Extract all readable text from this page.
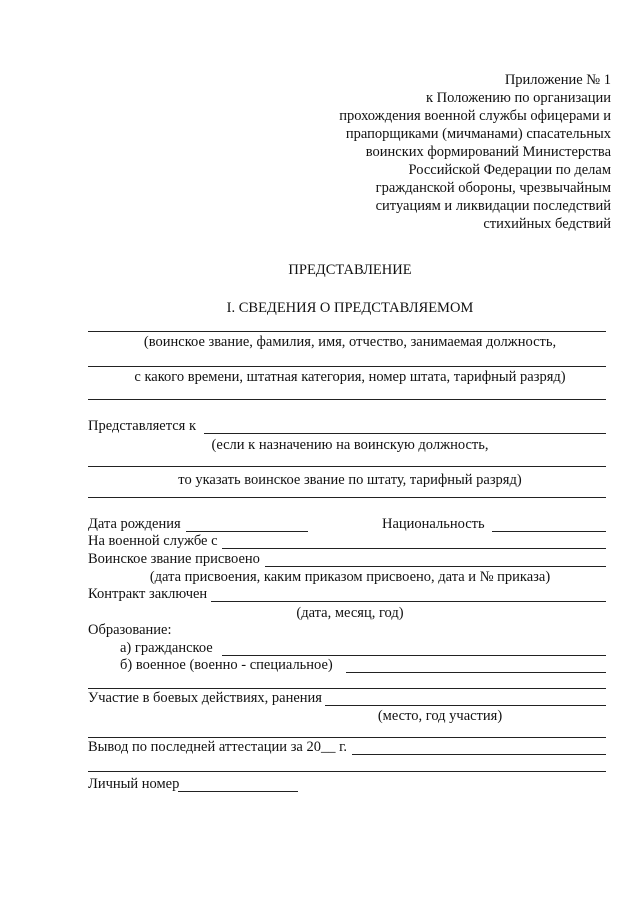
Приложение № 1
к Положению по организации
прохождения военной службы офицерами и
прапорщиками (мичманами) спасательных
воинских формирований Министерства
Российской Федерации по делам
гражданской обороны, чрезвычайным
ситуациям и ликвидации последствий
стихийных бедствий
ПРЕДСТАВЛЕНИЕ
I. СВЕДЕНИЯ О ПРЕДСТАВЛЯЕМОМ
(воинское звание, фамилия, имя, отчество, занимаемая должность,
с какого времени, штатная категория, номер штата, тарифный разряд)
Представляется к
(если к назначению на воинскую должность,
то указать воинское звание по штату, тарифный разряд)
Дата рождения	Национальность
На военной службе с
Воинское звание присвоено
(дата присвоения, каким приказом присвоено, дата и № приказа)
Контракт заключен
(дата, месяц, год)
Образование:
а) гражданское
б) военное (военно - специальное)
Участие в боевых действиях, ранения
(место, год участия)
Вывод по последней аттестации за 20__ г.
Личный номер
